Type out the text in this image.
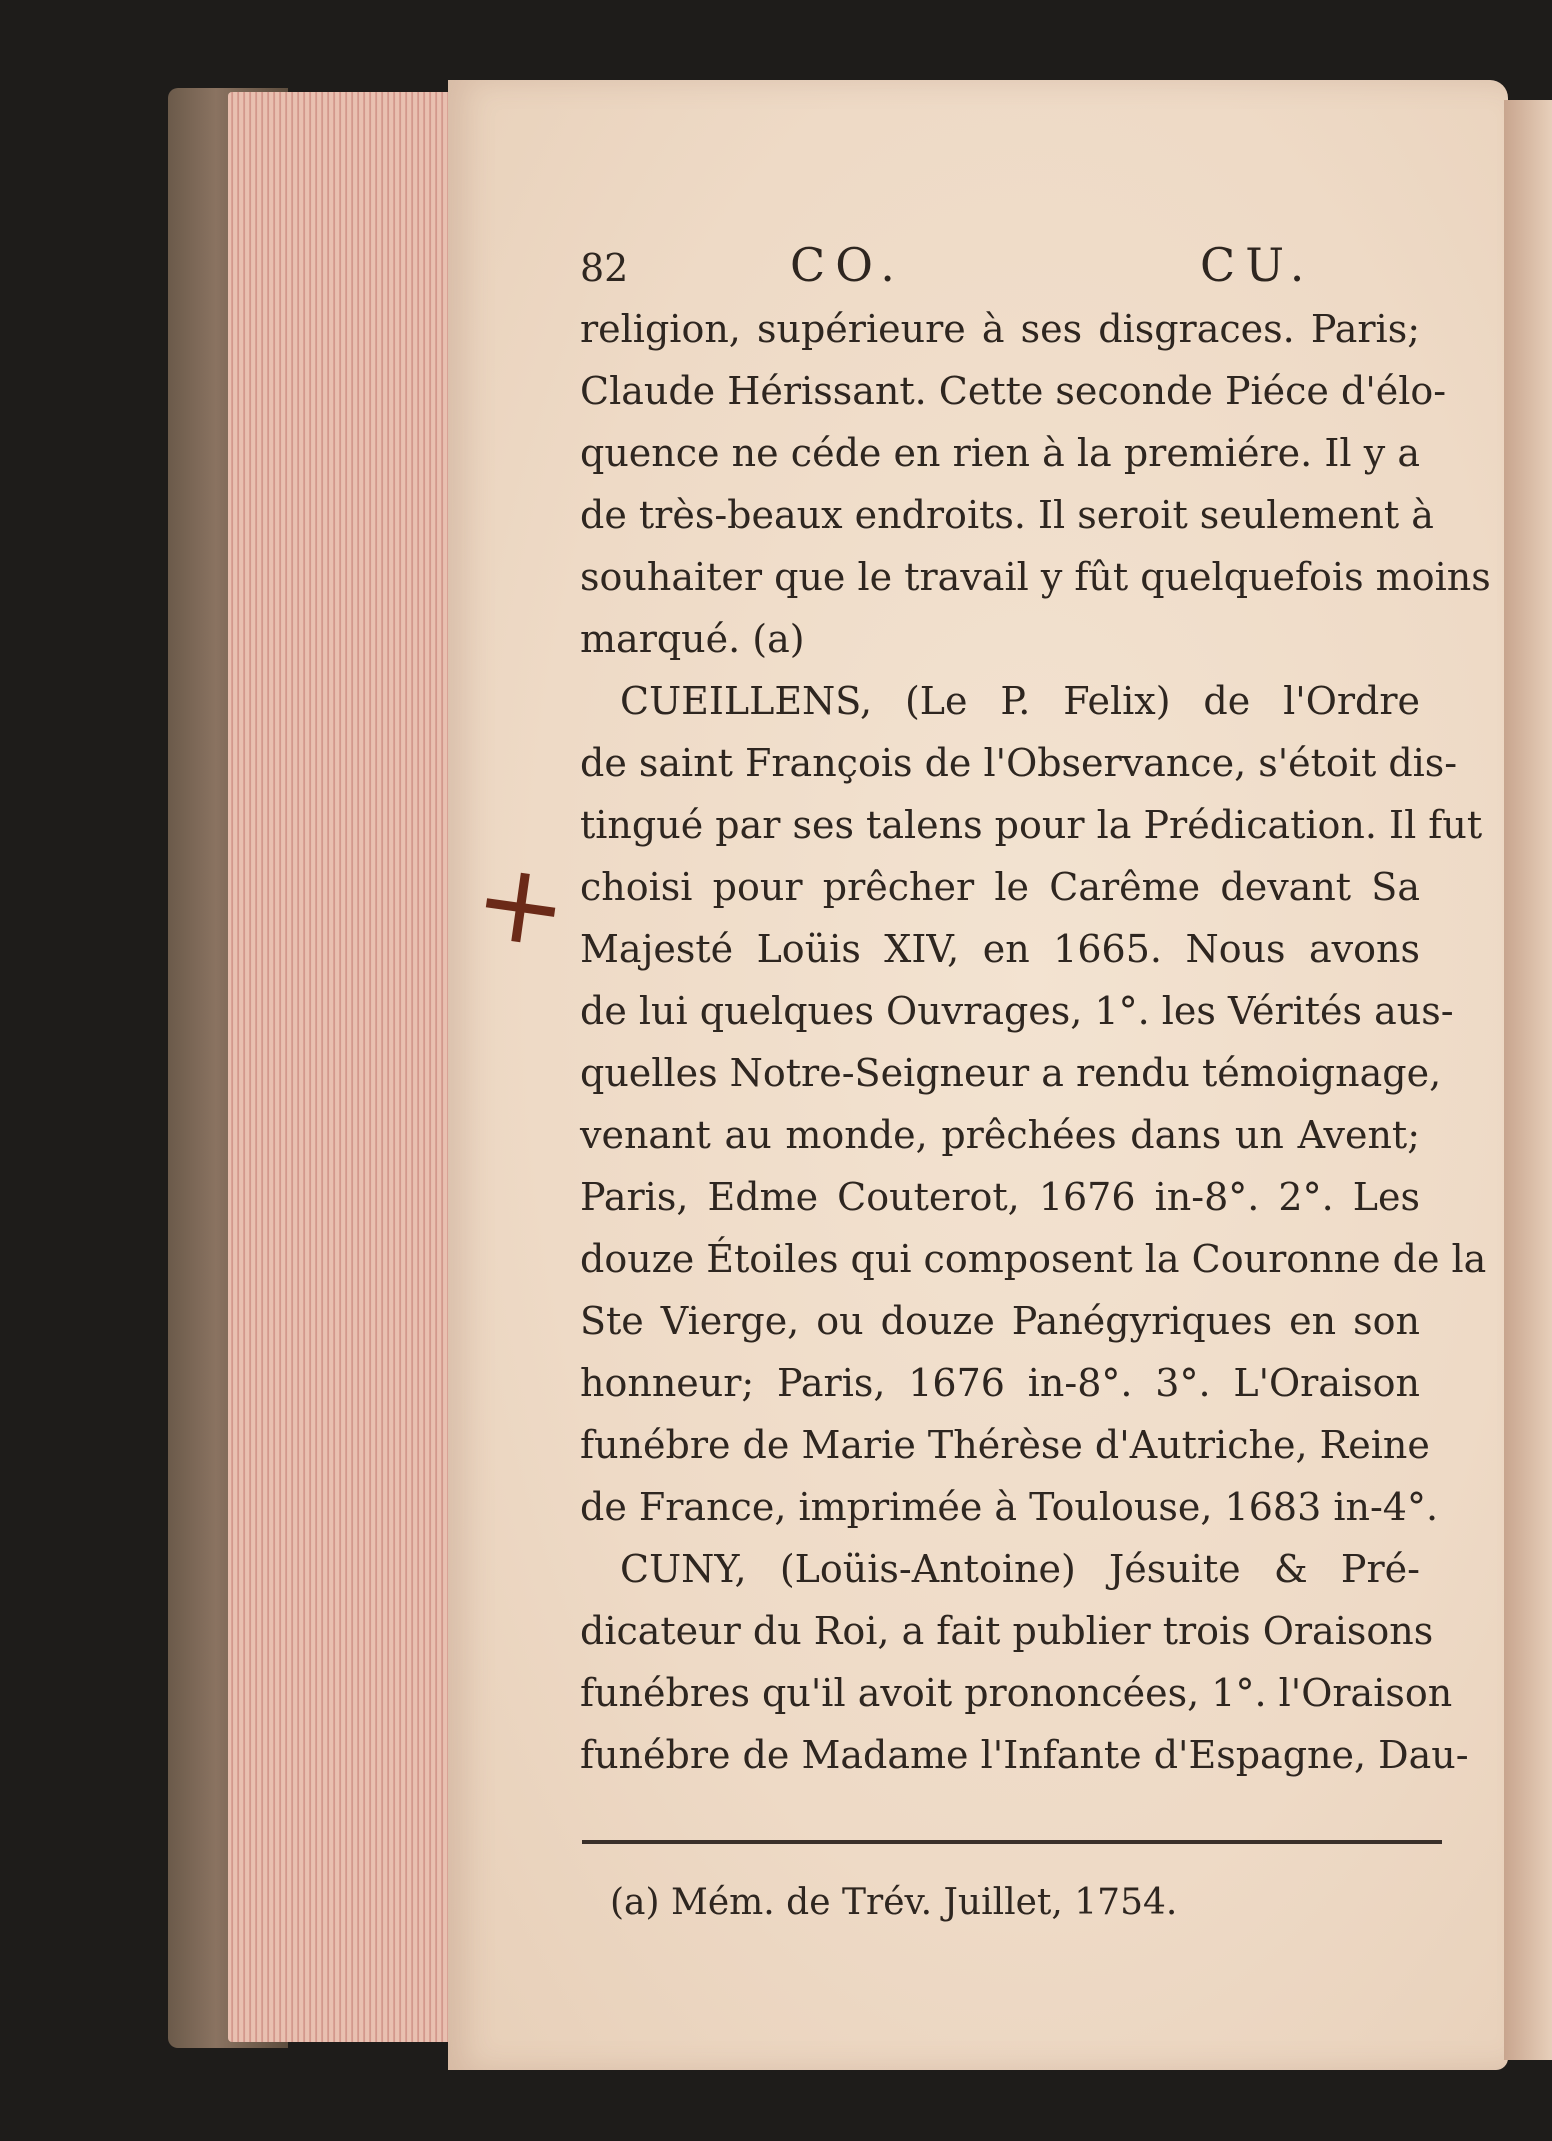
82	CO.	CU.
religion, supérieure à ses disgraces. Paris;
Claude Hérissant. Cette seconde Piéce d'élo-
quence ne céde en rien à la premiére. Il y a
de très-beaux endroits. Il seroit seulement à
souhaiter que le travail y fût quelquefois moins
marqué. (a)
CUEILLENS, (Le P. Felix) de l'Ordre
de saint François de l'Observance, s'étoit dis-
tingué par ses talens pour la Prédication. Il fut
choisi pour prêcher le Carême devant Sa
Majesté Loüis XIV, en 1665. Nous avons
de lui quelques Ouvrages, 1°. les Vérités aus-
quelles Notre-Seigneur a rendu témoignage,
venant au monde, prêchées dans un Avent;
Paris, Edme Couterot, 1676 in-8°. 2°. Les
douze Étoiles qui composent la Couronne de la
Ste Vierge, ou douze Panégyriques en son
honneur; Paris, 1676 in-8°. 3°. L'Oraison
funébre de Marie Thérèse d'Autriche, Reine
de France, imprimée à Toulouse, 1683 in-4°.
CUNY, (Loüis-Antoine) Jésuite & Pré-
dicateur du Roi, a fait publier trois Oraisons
funébres qu'il avoit prononcées, 1°. l'Oraison
funébre de Madame l'Infante d'Espagne, Dau-
+
(a) Mém. de Trév. Juillet, 1754.
